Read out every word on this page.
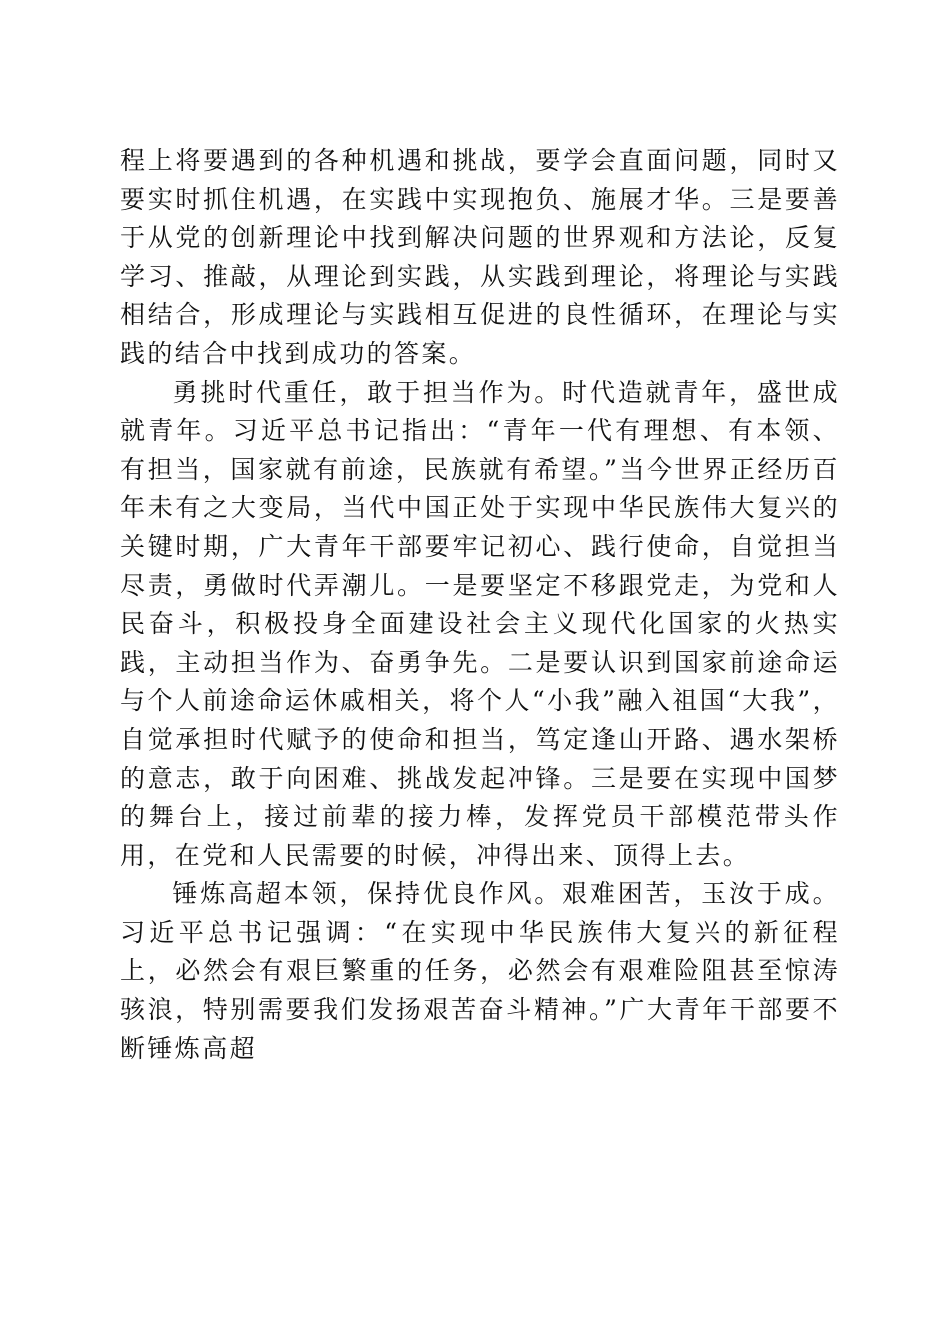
程上将要遇到的各种机遇和挑战，要学会直面问题，同时又要实时抓住机遇，在实践中实现抱负、施展才华。三是要善于从党的创新理论中找到解决问题的世界观和方法论，反复学习、推敲，从理论到实践，从实践到理论，将理论与实践相结合，形成理论与实践相互促进的良性循环，在理论与实践的结合中找到成功的答案。

勇挑时代重任，敢于担当作为。时代造就青年，盛世成就青年。习近平总书记指出：“青年一代有理想、有本领、有担当，国家就有前途，民族就有希望。”当今世界正经历百年未有之大变局，当代中国正处于实现中华民族伟大复兴的关键时期，广大青年干部要牢记初心、践行使命，自觉担当尽责，勇做时代弄潮儿。一是要坚定不移跟党走，为党和人民奋斗，积极投身全面建设社会主义现代化国家的火热实践，主动担当作为、奋勇争先。二是要认识到国家前途命运与个人前途命运休戚相关，将个人“小我”融入祖国“大我”，自觉承担时代赋予的使命和担当，笃定逢山开路、遇水架桥的意志，敢于向困难、挑战发起冲锋。三是要在实现中国梦的舞台上，接过前辈的接力棒，发挥党员干部模范带头作用，在党和人民需要的时候，冲得出来、顶得上去。

锤炼高超本领，保持优良作风。艰难困苦，玉汝于成。习近平总书记强调：“在实现中华民族伟大复兴的新征程上，必然会有艰巨繁重的任务，必然会有艰难险阻甚至惊涛骇浪，特别需要我们发扬艰苦奋斗精神。”广大青年干部要不断锤炼高超
